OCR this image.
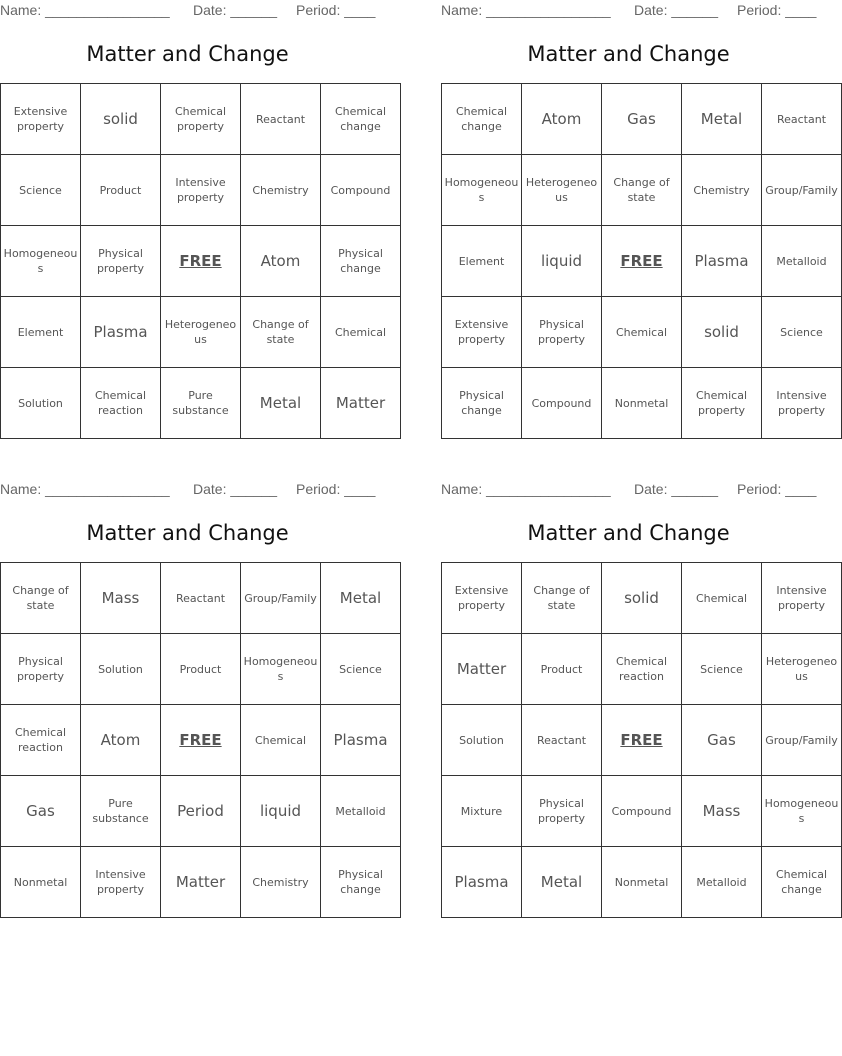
Name: ________________ Date: ______ Period: ____
Matter and Change
Extensive property	solid	Chemical property	Reactant	Chemical change
Science	Product	Intensive property	Chemistry	Compound
Homogeneous	Physical property	FREE	Atom	Physical change
Element	Plasma	Heterogeneous	Change of state	Chemical
Solution	Chemical reaction	Pure substance	Metal	Matter
Name: ________________ Date: ______ Period: ____
Matter and Change
Chemical change	Atom	Gas	Metal	Reactant
Homogeneous	Heterogeneous	Change of state	Chemistry	Group/Family
Element	liquid	FREE	Plasma	Metalloid
Extensive property	Physical property	Chemical	solid	Science
Physical change	Compound	Nonmetal	Chemical property	Intensive property
Name: ________________ Date: ______ Period: ____
Matter and Change
Change of state	Mass	Reactant	Group/Family	Metal
Physical property	Solution	Product	Homogeneous	Science
Chemical reaction	Atom	FREE	Chemical	Plasma
Gas	Pure substance	Period	liquid	Metalloid
Nonmetal	Intensive property	Matter	Chemistry	Physical change
Name: ________________ Date: ______ Period: ____
Matter and Change
Extensive property	Change of state	solid	Chemical	Intensive property
Matter	Product	Chemical reaction	Science	Heterogeneous
Solution	Reactant	FREE	Gas	Group/Family
Mixture	Physical property	Compound	Mass	Homogeneous
Plasma	Metal	Nonmetal	Metalloid	Chemical change
